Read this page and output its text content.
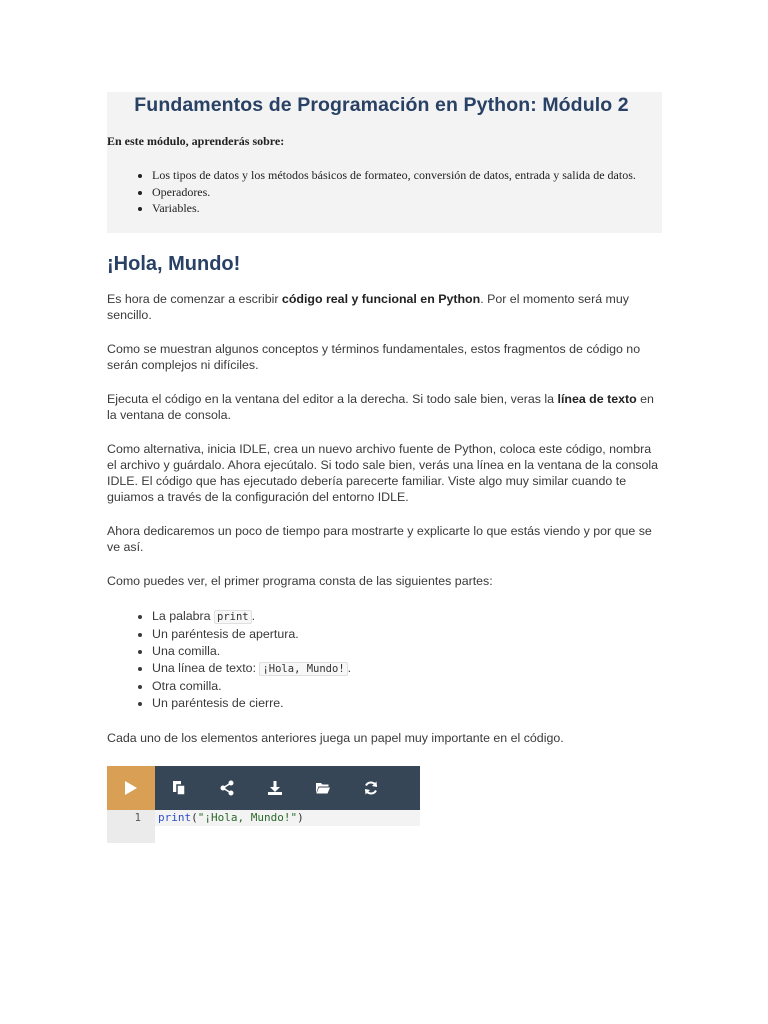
Fundamentos de Programación en Python: Módulo 2

En este módulo, aprenderás sobre:

• Los tipos de datos y los métodos básicos de formateo, conversión de datos, entrada y salida de datos.
• Operadores.
• Variables.
¡Hola, Mundo!

Es hora de comenzar a escribir código real y funcional en Python. Por el momento será muy sencillo.

Como se muestran algunos conceptos y términos fundamentales, estos fragmentos de código no serán complejos ni difíciles.

Ejecuta el código en la ventana del editor a la derecha. Si todo sale bien, veras la línea de texto en la ventana de consola.

Como alternativa, inicia IDLE, crea un nuevo archivo fuente de Python, coloca este código, nombra el archivo y guárdalo. Ahora ejecútalo. Si todo sale bien, verás una línea en la ventana de la consola IDLE. El código que has ejecutado debería parecerte familiar. Viste algo muy similar cuando te guiamos a través de la configuración del entorno IDLE.

Ahora dedicaremos un poco de tiempo para mostrarte y explicarte lo que estás viendo y por que se ve así.

Como puedes ver, el primer programa consta de las siguientes partes:

• La palabra print .
• Un paréntesis de apertura.
• Una comilla.
• Una línea de texto: ¡Hola, Mundo! .
• Otra comilla.
• Un paréntesis de cierre.

Cada uno de los elementos anteriores juega un papel muy importante en el código.

1	print("¡Hola, Mundo!")
